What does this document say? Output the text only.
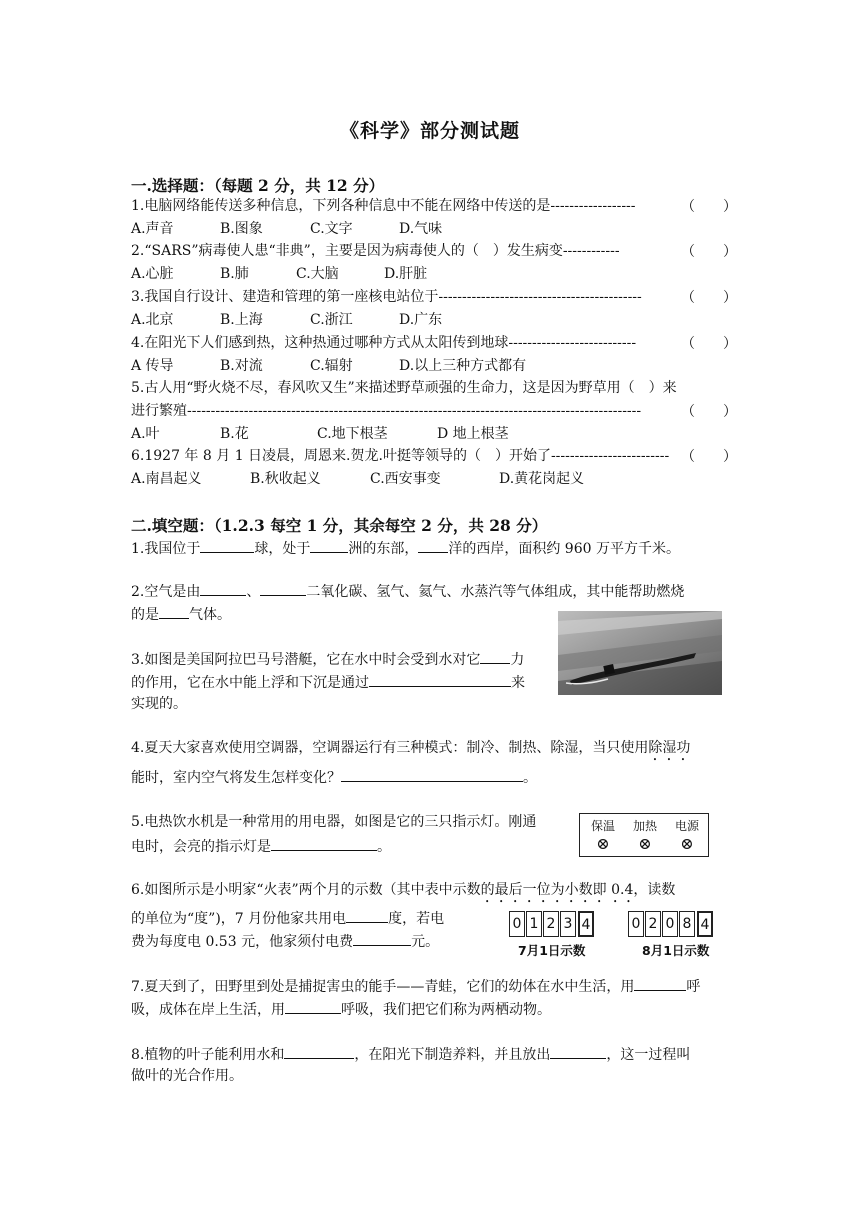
《科学》部分测试题
一.选择题：（每题 2 分，共 12 分）
1.电脑网络能传送多种信息，下列各种信息中不能在网络中传送的是------------------	（　　）
A.声音	B.图象	C.文字	D.气味
2.“SARS”病毒使人患“非典”，主要是因为病毒使人的（　）发生病变------------	（　　）
A.心脏	B.肺	C.大脑	D.肝脏
3.我国自行设计、建造和管理的第一座核电站位于-------------------------------------------	（　　）
A.北京	B.上海	C.浙江	D.广东
4.在阳光下人们感到热，这种热通过哪种方式从太阳传到地球---------------------------	（　　）
A 传导	B.对流	C.辐射	D.以上三种方式都有
5.古人用“野火烧不尽，春风吹又生”来描述野草顽强的生命力，这是因为野草用（　）来
进行繁殖------------------------------------------------------------------------------------------------	（　　）
A.叶	B.花	C.地下根茎	D 地上根茎
6.1927 年 8 月 1 日凌晨，周恩来.贺龙.叶挺等领导的（　）开始了------------------------- （　　）
A.南昌起义	B.秋收起义	C.西安事变	D.黄花岗起义
二.填空题：（1.2.3 每空 1 分，其余每空 2 分，共 28 分）
1.我国位于	球，处于	洲的东部， 洋的西岸，面积约 960 万平方千米。
2.空气是由	、	二氧化碳、氢气、氦气、水蒸汽等气体组成，其中能帮助燃烧
的是 气体。
3.如图是美国阿拉巴马号潜艇，它在水中时会受到水对它 力
的作用，它在水中能上浮和下沉是通过	来
实现的。
4.夏天大家喜欢使用空调器，空调器运行有三种模式：制冷、制热、除湿，当只使用除湿功
能时，室内空气将发生怎样变化？	。
5.电热饮水机是一种常用的用电器，如图是它的三只指示灯。刚通
电时，会亮的指示灯是	。
保温	加热	电源
⊗	⊗	⊗
6.如图所示是小明家“火表”两个月的示数（其中表中示数的最后一位为小数即 0.4，读数
的单位为“度”)，7 月份他家共用电	度，若电
费为每度电 0.53 元，他家须付电费	元。
0 1 2 3 4
7月1日示数
0 2 0 8 4
8月1日示数
7.夏天到了，田野里到处是捕捉害虫的能手——青蛙，它们的幼体在水中生活，用	呼
吸，成体在岸上生活，用	呼吸，我们把它们称为两栖动物。
8.植物的叶子能利用水和	，在阳光下制造养料，并且放出	，这一过程叫
做叶的光合作用。
